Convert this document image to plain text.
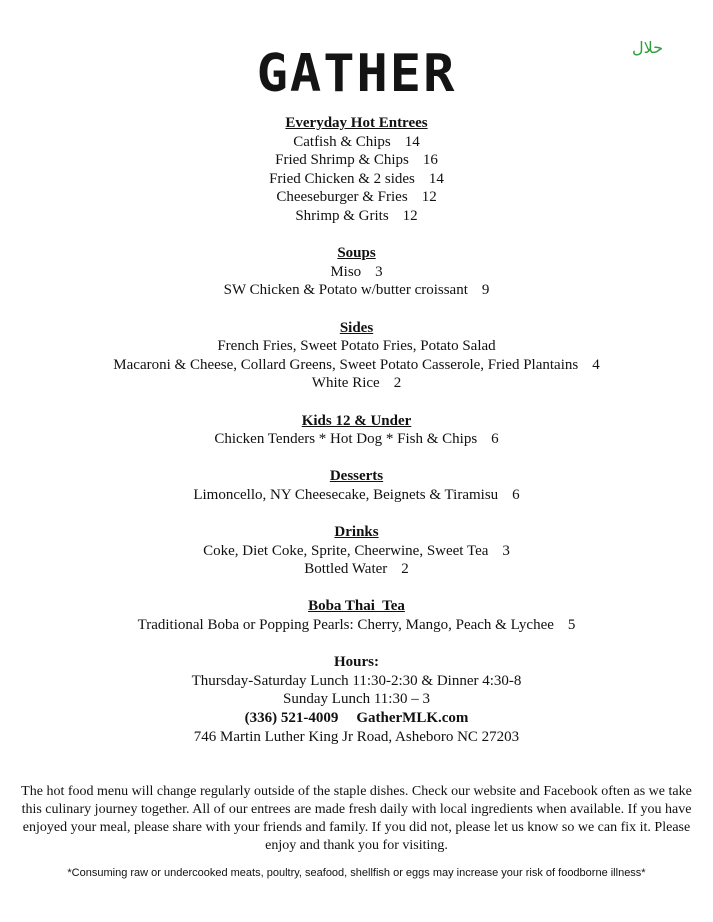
حلال
GATHER
Everyday Hot Entrees
Catfish & Chips 14
Fried Shrimp & Chips 16
Fried Chicken & 2 sides 14
Cheeseburger & Fries 12
Shrimp & Grits 12
Soups
Miso 3
SW Chicken & Potato w/butter croissant 9
Sides
French Fries, Sweet Potato Fries, Potato Salad
Macaroni & Cheese, Collard Greens, Sweet Potato Casserole, Fried Plantains 4
White Rice 2
Kids 12 & Under
Chicken Tenders * Hot Dog * Fish & Chips 6
Desserts
Limoncello, NY Cheesecake, Beignets & Tiramisu 6
Drinks
Coke, Diet Coke, Sprite, Cheerwine, Sweet Tea 3
Bottled Water 2
Boba Thai  Tea
Traditional Boba or Popping Pearls: Cherry, Mango, Peach & Lychee 5
Hours:
Thursday-Saturday Lunch 11:30-2:30 & Dinner 4:30-8
Sunday Lunch 11:30 – 3
(336) 521-4009 GatherMLK.com
746 Martin Luther King Jr Road, Asheboro NC 27203
The hot food menu will change regularly outside of the staple dishes. Check our website and Facebook often as we take this culinary journey together. All of our entrees are made fresh daily with local ingredients when available. If you have enjoyed your meal, please share with your friends and family. If you did not, please let us know so we can fix it. Please enjoy and thank you for visiting.
*Consuming raw or undercooked meats, poultry, seafood, shellfish or eggs may increase your risk of foodborne illness*
